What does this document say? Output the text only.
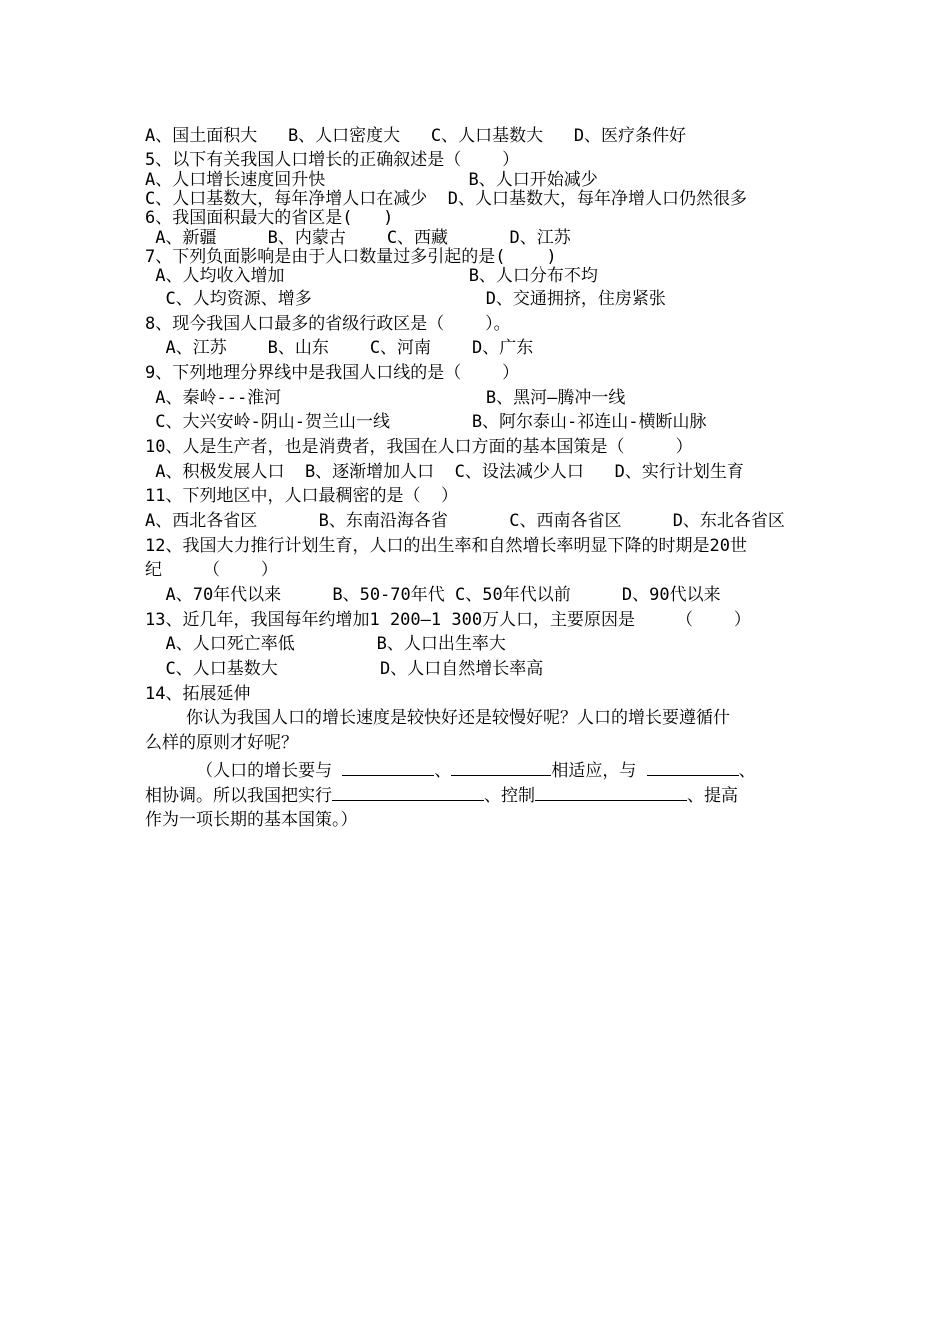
A、国土面积大   B、人口密度大   C、人口基数大   D、医疗条件好
5、以下有关我国人口增长的正确叙述是（    ）
A、人口增长速度回升快              B、人口开始减少
C、人口基数大，每年净增人口在减少  D、人口基数大，每年净增人口仍然很多
6、我国面积最大的省区是(   )
A、新疆     B、内蒙古    C、西藏      D、江苏
7、下列负面影响是由于人口数量过多引起的是(    )
A、人均收入增加                  B、人口分布不均
C、人均资源、增多                 D、交通拥挤，住房紧张
8、现今我国人口最多的省级行政区是（    ）。
A、江苏    B、山东    C、河南    D、广东
9、下列地理分界线中是我国人口线的是（    ）
A、秦岭---淮河                    B、黑河—腾冲一线
C、大兴安岭-阴山-贺兰山一线        B、阿尔泰山-祁连山-横断山脉
10、人是生产者，也是消费者，我国在人口方面的基本国策是（     ）
A、积极发展人口  B、逐渐增加人口  C、设法减少人口   D、实行计划生育
11、下列地区中，人口最稠密的是（  ）
A、西北各省区      B、东南沿海各省      C、西南各省区     D、东北各省区
12、我国大力推行计划生育，人口的出生率和自然增长率明显下降的时期是20世
纪    （    ）
A、70年代以来     B、50-70年代 C、50年代以前     D、90代以来
13、近几年，我国每年约增加1 200—1 300万人口，主要原因是    （    ）
A、人口死亡率低        B、人口出生率大
C、人口基数大          D、人口自然增长率高
14、拓展延伸
你认为我国人口的增长速度是较快好还是较慢好呢？人口的增长要遵循什
么样的原则才好呢？
（人口的增长要与	、	相适应，与	、
相协调。所以我国把实行	、控制	、提高
作为一项长期的基本国策。）
